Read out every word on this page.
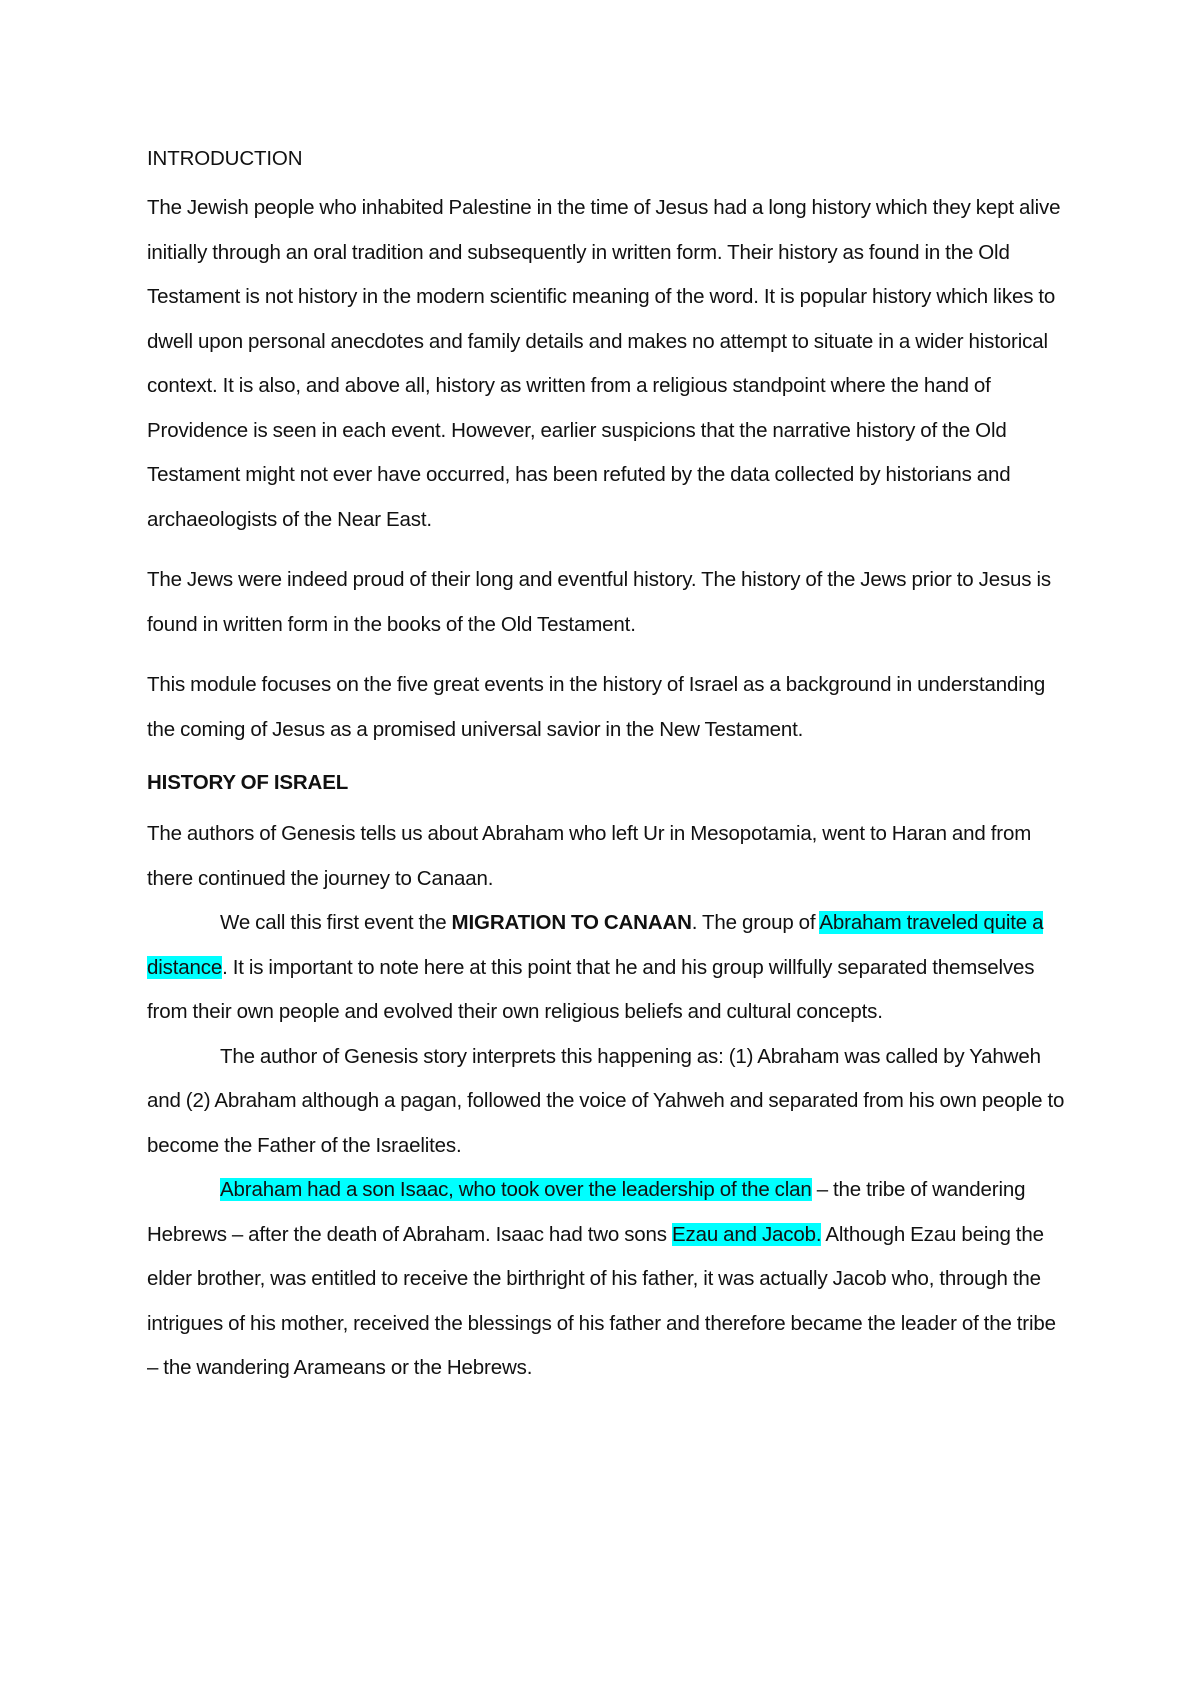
INTRODUCTION

The Jewish people who inhabited Palestine in the time of Jesus had a long history which they kept alive initially through an oral tradition and subsequently in written form. Their history as found in the Old Testament is not history in the modern scientific meaning of the word. It is popular history which likes to dwell upon personal anecdotes and family details and makes no attempt to situate in a wider historical context. It is also, and above all, history as written from a religious standpoint where the hand of Providence is seen in each event. However, earlier suspicions that the narrative history of the Old Testament might not ever have occurred, has been refuted by the data collected by historians and archaeologists of the Near East.

The Jews were indeed proud of their long and eventful history. The history of the Jews prior to Jesus is found in written form in the books of the Old Testament.

This module focuses on the five great events in the history of Israel as a background in understanding the coming of Jesus as a promised universal savior in the New Testament.

HISTORY OF ISRAEL

The authors of Genesis tells us about Abraham who left Ur in Mesopotamia, went to Haran and from there continued the journey to Canaan.

We call this first event the MIGRATION TO CANAAN. The group of Abraham traveled quite a distance. It is important to note here at this point that he and his group willfully separated themselves from their own people and evolved their own religious beliefs and cultural concepts.

The author of Genesis story interprets this happening as: (1) Abraham was called by Yahweh and (2) Abraham although a pagan, followed the voice of Yahweh and separated from his own people to become the Father of the Israelites.

Abraham had a son Isaac, who took over the leadership of the clan – the tribe of wandering Hebrews – after the death of Abraham. Isaac had two sons Ezau and Jacob. Although Ezau being the elder brother, was entitled to receive the birthright of his father, it was actually Jacob who, through the intrigues of his mother, received the blessings of his father and therefore became the leader of the tribe – the wandering Arameans or the Hebrews.
